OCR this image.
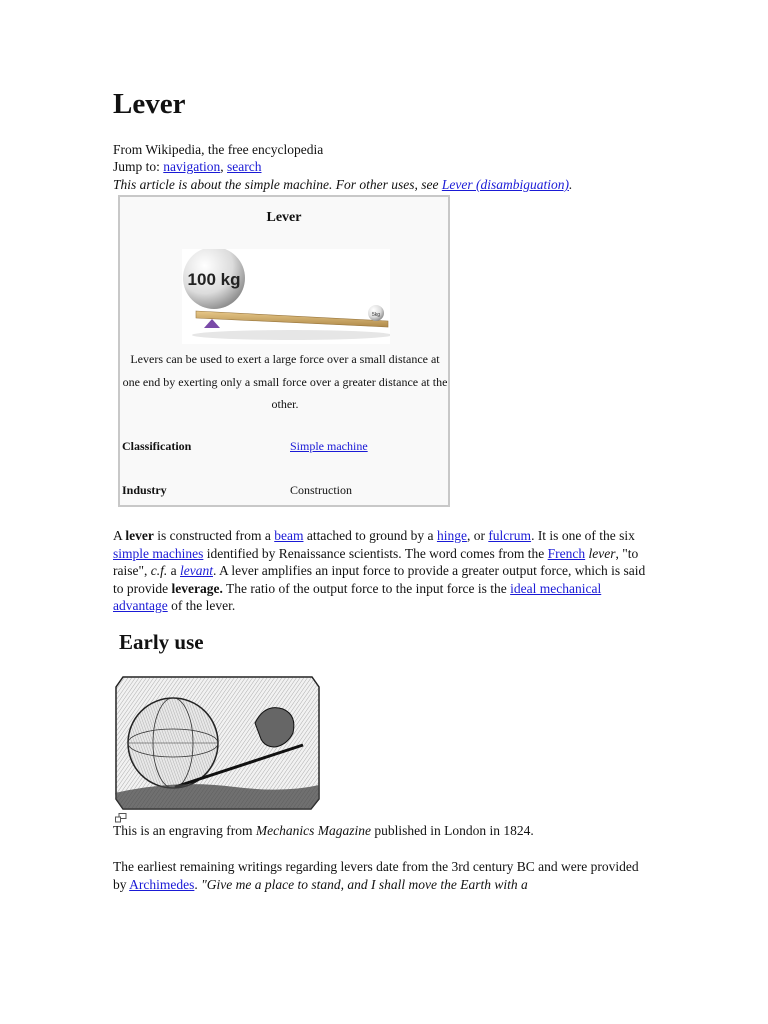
Lever
From Wikipedia, the free encyclopedia
Jump to: navigation, search
This article is about the simple machine. For other uses, see Lever (disambiguation).
Lever
100 kg
5kg
Levers can be used to exert a large force over a small distance at one end by exerting only a small force over a greater distance at the other.
Classification	Simple machine
Industry	Construction
A lever is constructed from a beam attached to ground by a hinge, or fulcrum. It is one of the six simple machines identified by Renaissance scientists. The word comes from the French lever, "to raise", c.f. a levant. A lever amplifies an input force to provide a greater output force, which is said to provide leverage. The ratio of the output force to the input force is the ideal mechanical advantage of the lever.
Early use
This is an engraving from Mechanics Magazine published in London in 1824.
The earliest remaining writings regarding levers date from the 3rd century BC and were provided by Archimedes. "Give me a place to stand, and I shall move the Earth with a
